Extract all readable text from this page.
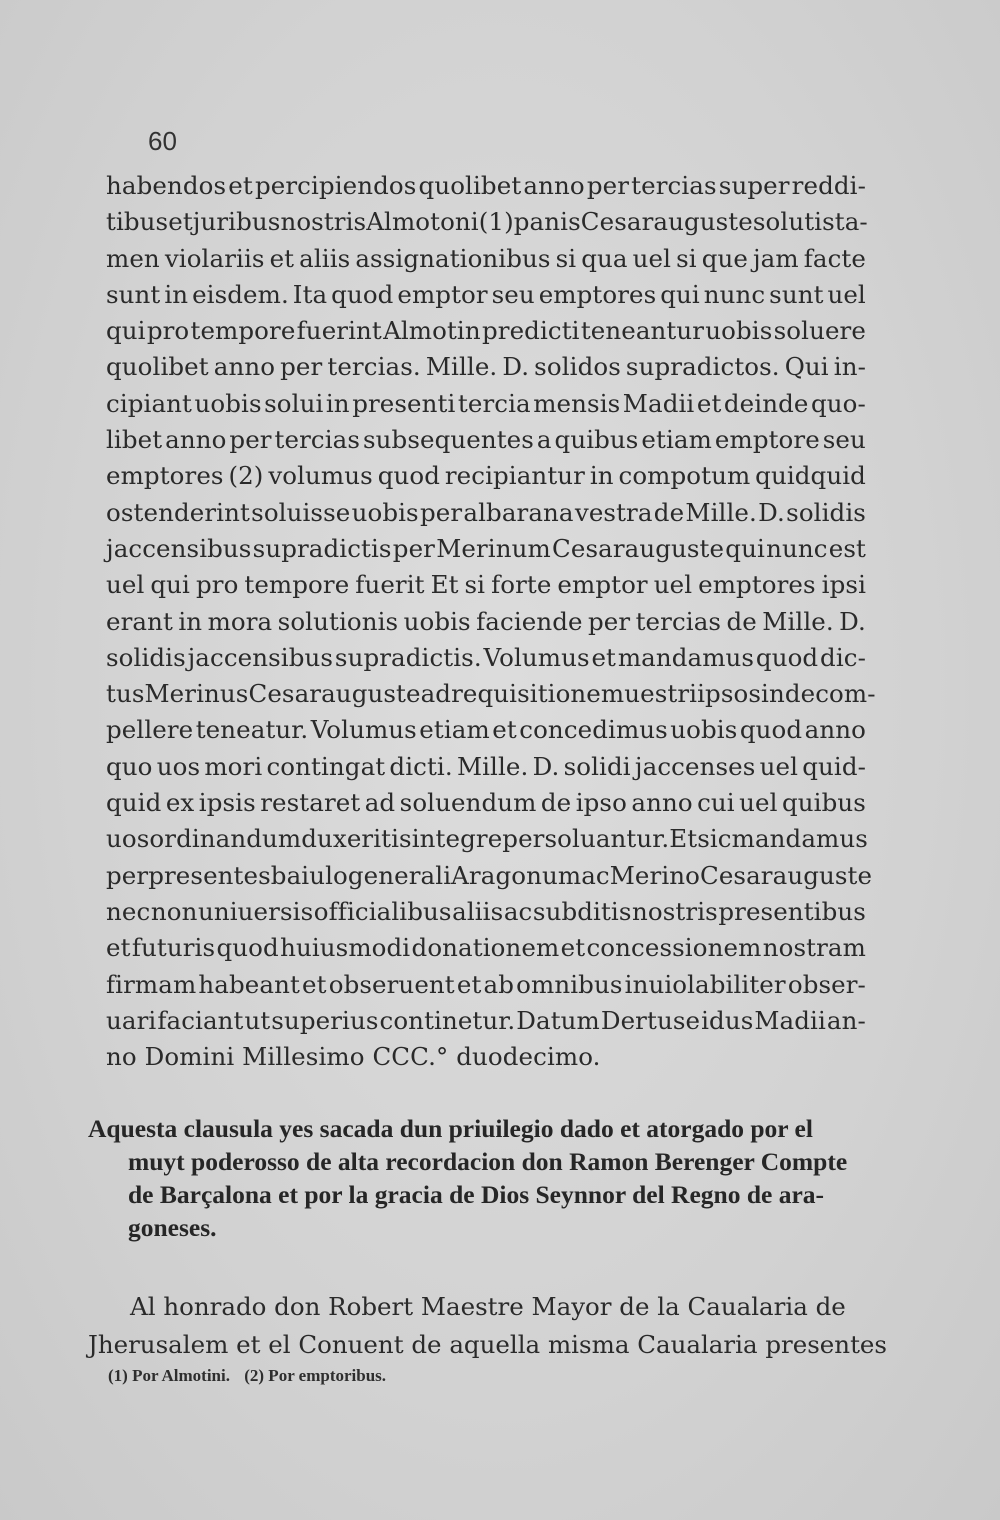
60
habendos et percipiendos quolibet anno per tercias super reddi-
tibus et juribus nostris Almotoni (1) panis Cesarauguste solutis ta-
men violariis et aliis assignationibus si qua uel si que jam facte
sunt in eisdem. Ita quod emptor seu emptores qui nunc sunt uel
qui pro tempore fuerint Almotin predicti teneantur uobis soluere
quolibet anno per tercias. Mille. D. solidos supradictos. Qui in-
cipiant uobis solui in presenti tercia mensis Madii et deinde quo-
libet anno per tercias subsequentes a quibus etiam emptore seu
emptores (2) volumus quod recipiantur in compotum quidquid
ostenderint soluisse uobis per albarana vestra de Mille. D. solidis
jaccensibus supradictis per Merinum Cesarauguste qui nunc est
uel qui pro tempore fuerit Et si forte emptor uel emptores ipsi
erant in mora solutionis uobis faciende per tercias de Mille. D.
solidis jaccensibus supradictis. Volumus et mandamus quod dic-
tus Merinus Cesarauguste ad requisitionem uestri ipsos inde com-
pellere teneatur. Volumus etiam et concedimus uobis quod anno
quo uos mori contingat dicti. Mille. D. solidi jaccenses uel quid-
quid ex ipsis restaret ad soluendum de ipso anno cui uel quibus
uos ordinandum duxeritis integre persoluantur. Et sic mandamus
per presentes baiulo generali Aragonum ac Merino Cesarauguste
nec non uniuersis officialibus aliis ac subditis nostris presentibus
et futuris quod huiusmodi donationem et concessionem nostram
firmam habeant et obseruent et ab omnibus inuiolabiliter obser-
uari faciant ut superius continetur. Datum Dertuse idus Madii an-
no Domini Millesimo CCC.° duodecimo.
Aquesta clausula yes sacada dun priuilegio dado et atorgado por el
muyt poderosso de alta recordacion don Ramon Berenger Compte
de Barçalona et por la gracia de Dios Seynnor del Regno de ara-
goneses.
Al honrado don Robert Maestre Mayor de la Caualaria de
Jherusalem et el Conuent de aquella misma Caualaria presentes
(1) Por Almotini. (2) Por emptoribus.
